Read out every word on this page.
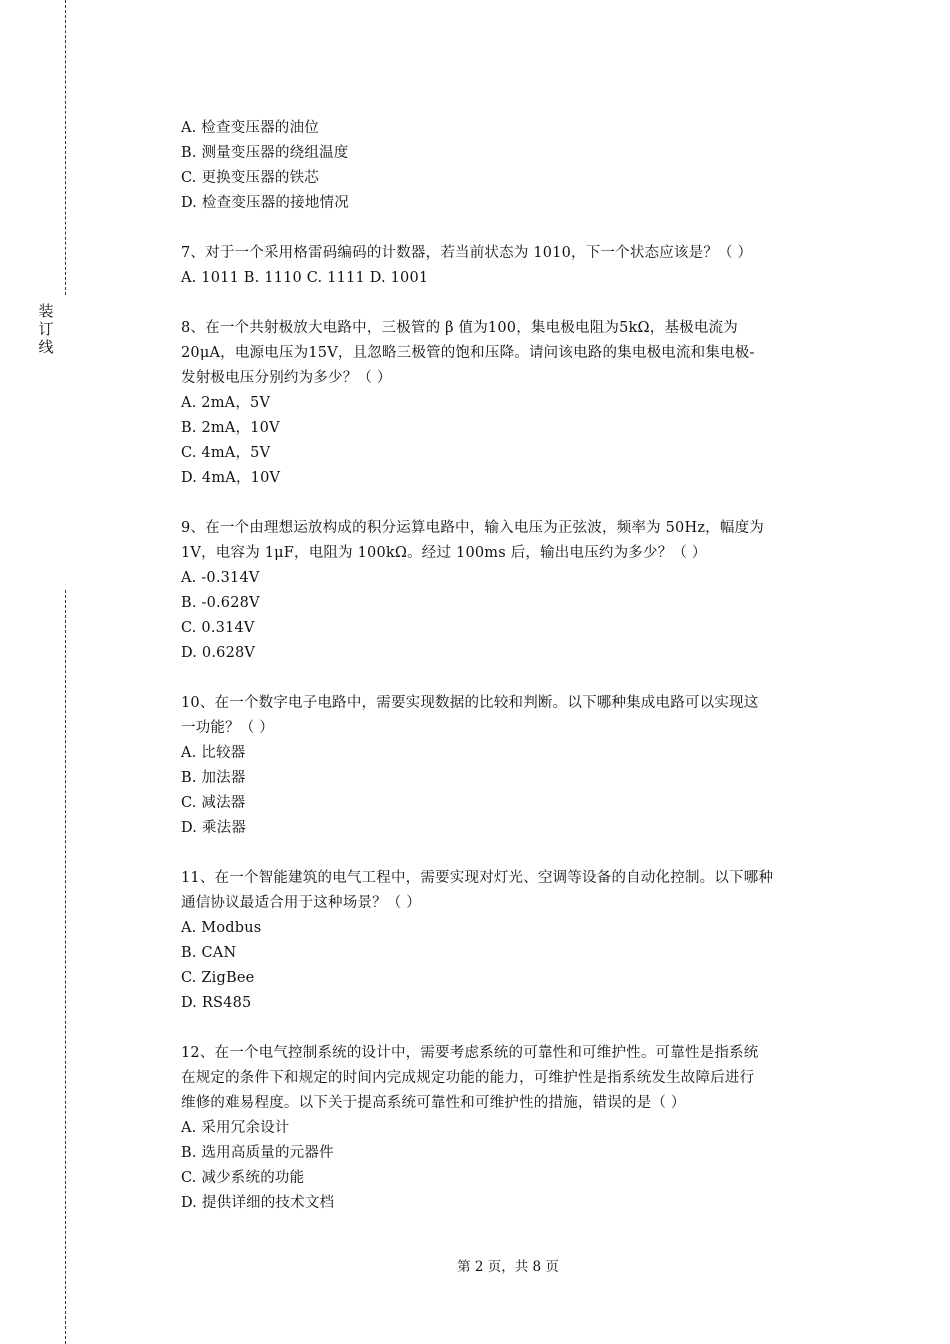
装
订
线
A. 检查变压器的油位
B. 测量变压器的绕组温度
C. 更换变压器的铁芯
D. 检查变压器的接地情况
7、对于一个采用格雷码编码的计数器，若当前状态为 1010，下一个状态应该是？（ ）
A. 1011 B. 1110 C. 1111 D. 1001
8、在一个共射极放大电路中，三极管的 β 值为100，集电极电阻为5kΩ，基极电流为
20μA，电源电压为15V，且忽略三极管的饱和压降。请问该电路的集电极电流和集电极-
发射极电压分别约为多少？（ ）
A. 2mA，5V
B. 2mA，10V
C. 4mA，5V
D. 4mA，10V
9、在一个由理想运放构成的积分运算电路中，输入电压为正弦波，频率为 50Hz，幅度为
1V，电容为 1μF，电阻为 100kΩ。经过 100ms 后，输出电压约为多少？（ ）
A. -0.314V
B. -0.628V
C. 0.314V
D. 0.628V
10、在一个数字电子电路中，需要实现数据的比较和判断。以下哪种集成电路可以实现这
一功能？（ ）
A. 比较器
B. 加法器
C. 减法器
D. 乘法器
11、在一个智能建筑的电气工程中，需要实现对灯光、空调等设备的自动化控制。以下哪种
通信协议最适合用于这种场景？（ ）
A. Modbus
B. CAN
C. ZigBee
D. RS485
12、在一个电气控制系统的设计中，需要考虑系统的可靠性和可维护性。可靠性是指系统
在规定的条件下和规定的时间内完成规定功能的能力，可维护性是指系统发生故障后进行
维修的难易程度。以下关于提高系统可靠性和可维护性的措施，错误的是（ ）
A. 采用冗余设计
B. 选用高质量的元器件
C. 减少系统的功能
D. 提供详细的技术文档
第 2 页，共 8 页
